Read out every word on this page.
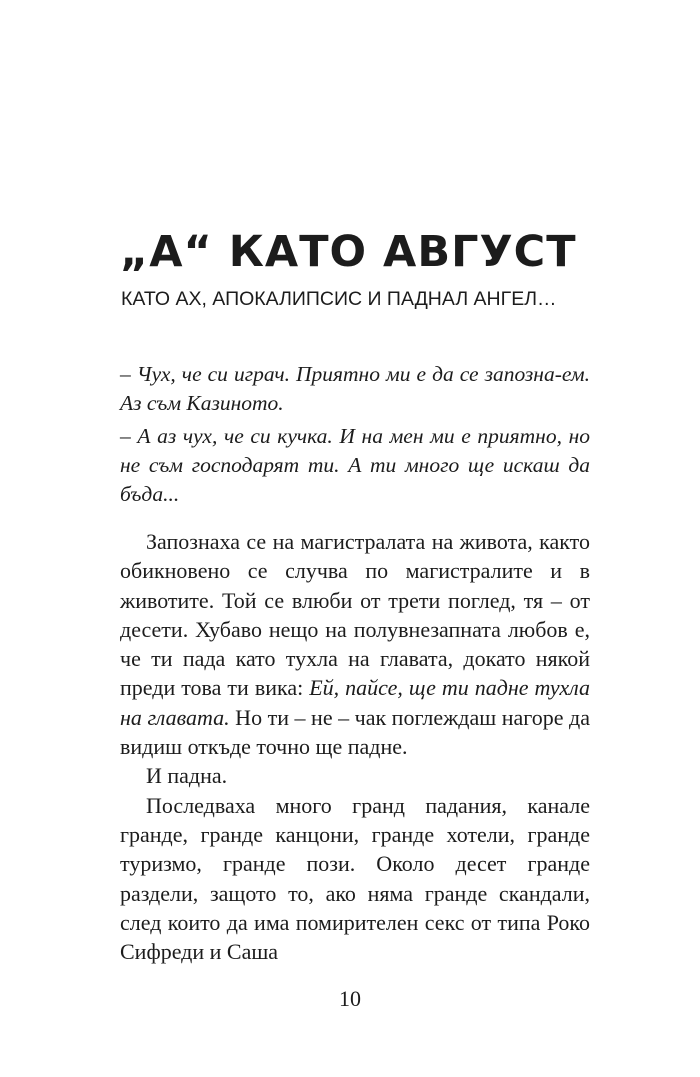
„А“ КАТО АВГУСТ
КАТО АХ, АПОКАЛИПСИС И ПАДНАЛ АНГЕЛ…

– Чух, че си играч. Приятно ми е да се запозна-ем. Аз съм Казиното.

– А аз чух, че си кучка. И на мен ми е приятно, но не съм господарят ти. А ти много ще искаш да бъда...

Запознаха се на магистралата на живота, както обикновено се случва по магистралите и в животите. Той се влюби от трети поглед, тя – от десети. Хубаво нещо на полувнезапната любов е, че ти пада като тухла на главата, докато някой преди това ти вика: Ей, пайсе, ще ти падне тухла на главата. Но ти – не – чак поглеждаш нагоре да видиш откъде точно ще падне.

И падна.

Последваха много гранд падания, канале гранде, гранде канцони, гранде хотели, гранде туризмо, гранде пози. Около десет гранде раздели, защото то, ако няма гранде скандали, след които да има помирителен секс от типа Роко Сифреди и Саша

10
